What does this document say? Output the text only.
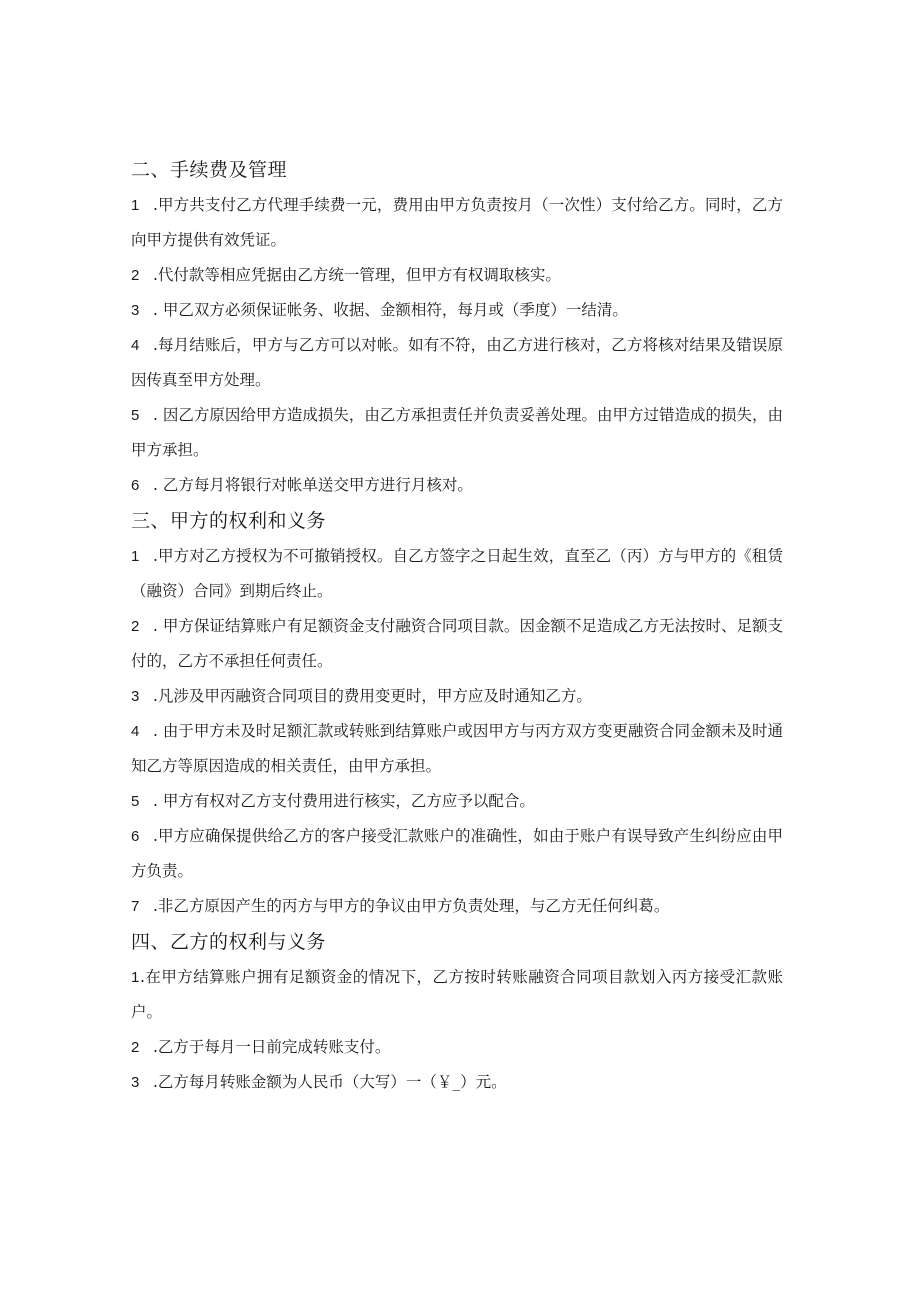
二、手续费及管理

1 .甲方共支付乙方代理手续费一元，费用由甲方负责按月（一次性）支付给乙方。同时，乙方向甲方提供有效凭证。

2 .代付款等相应凭据由乙方统一管理，但甲方有权调取核实。

3 . 甲乙双方必须保证帐务、收据、金额相符，每月或（季度）一结清。

4 .每月结账后，甲方与乙方可以对帐。如有不符，由乙方进行核对，乙方将核对结果及错误原因传真至甲方处理。

5 . 因乙方原因给甲方造成损失，由乙方承担责任并负责妥善处理。由甲方过错造成的损失，由甲方承担。

6 . 乙方每月将银行对帐单送交甲方进行月核对。

三、甲方的权利和义务

1 .甲方对乙方授权为不可撤销授权。自乙方签字之日起生效，直至乙（丙）方与甲方的《租赁（融资）合同》到期后终止。

2 . 甲方保证结算账户有足额资金支付融资合同项目款。因金额不足造成乙方无法按时、足额支付的，乙方不承担任何责任。

3 .凡涉及甲丙融资合同项目的费用变更时，甲方应及时通知乙方。

4 . 由于甲方未及时足额汇款或转账到结算账户或因甲方与丙方双方变更融资合同金额未及时通知乙方等原因造成的相关责任，由甲方承担。

5 . 甲方有权对乙方支付费用进行核实，乙方应予以配合。

6 .甲方应确保提供给乙方的客户接受汇款账户的准确性，如由于账户有误导致产生纠纷应由甲方负责。

7 .非乙方原因产生的丙方与甲方的争议由甲方负责处理，与乙方无任何纠葛。

四、乙方的权利与义务

1.在甲方结算账户拥有足额资金的情况下，乙方按时转账融资合同项目款划入丙方接受汇款账户。

2 .乙方于每月一日前完成转账支付。

3 .乙方每月转账金额为人民币（大写）一（￥_）元。
